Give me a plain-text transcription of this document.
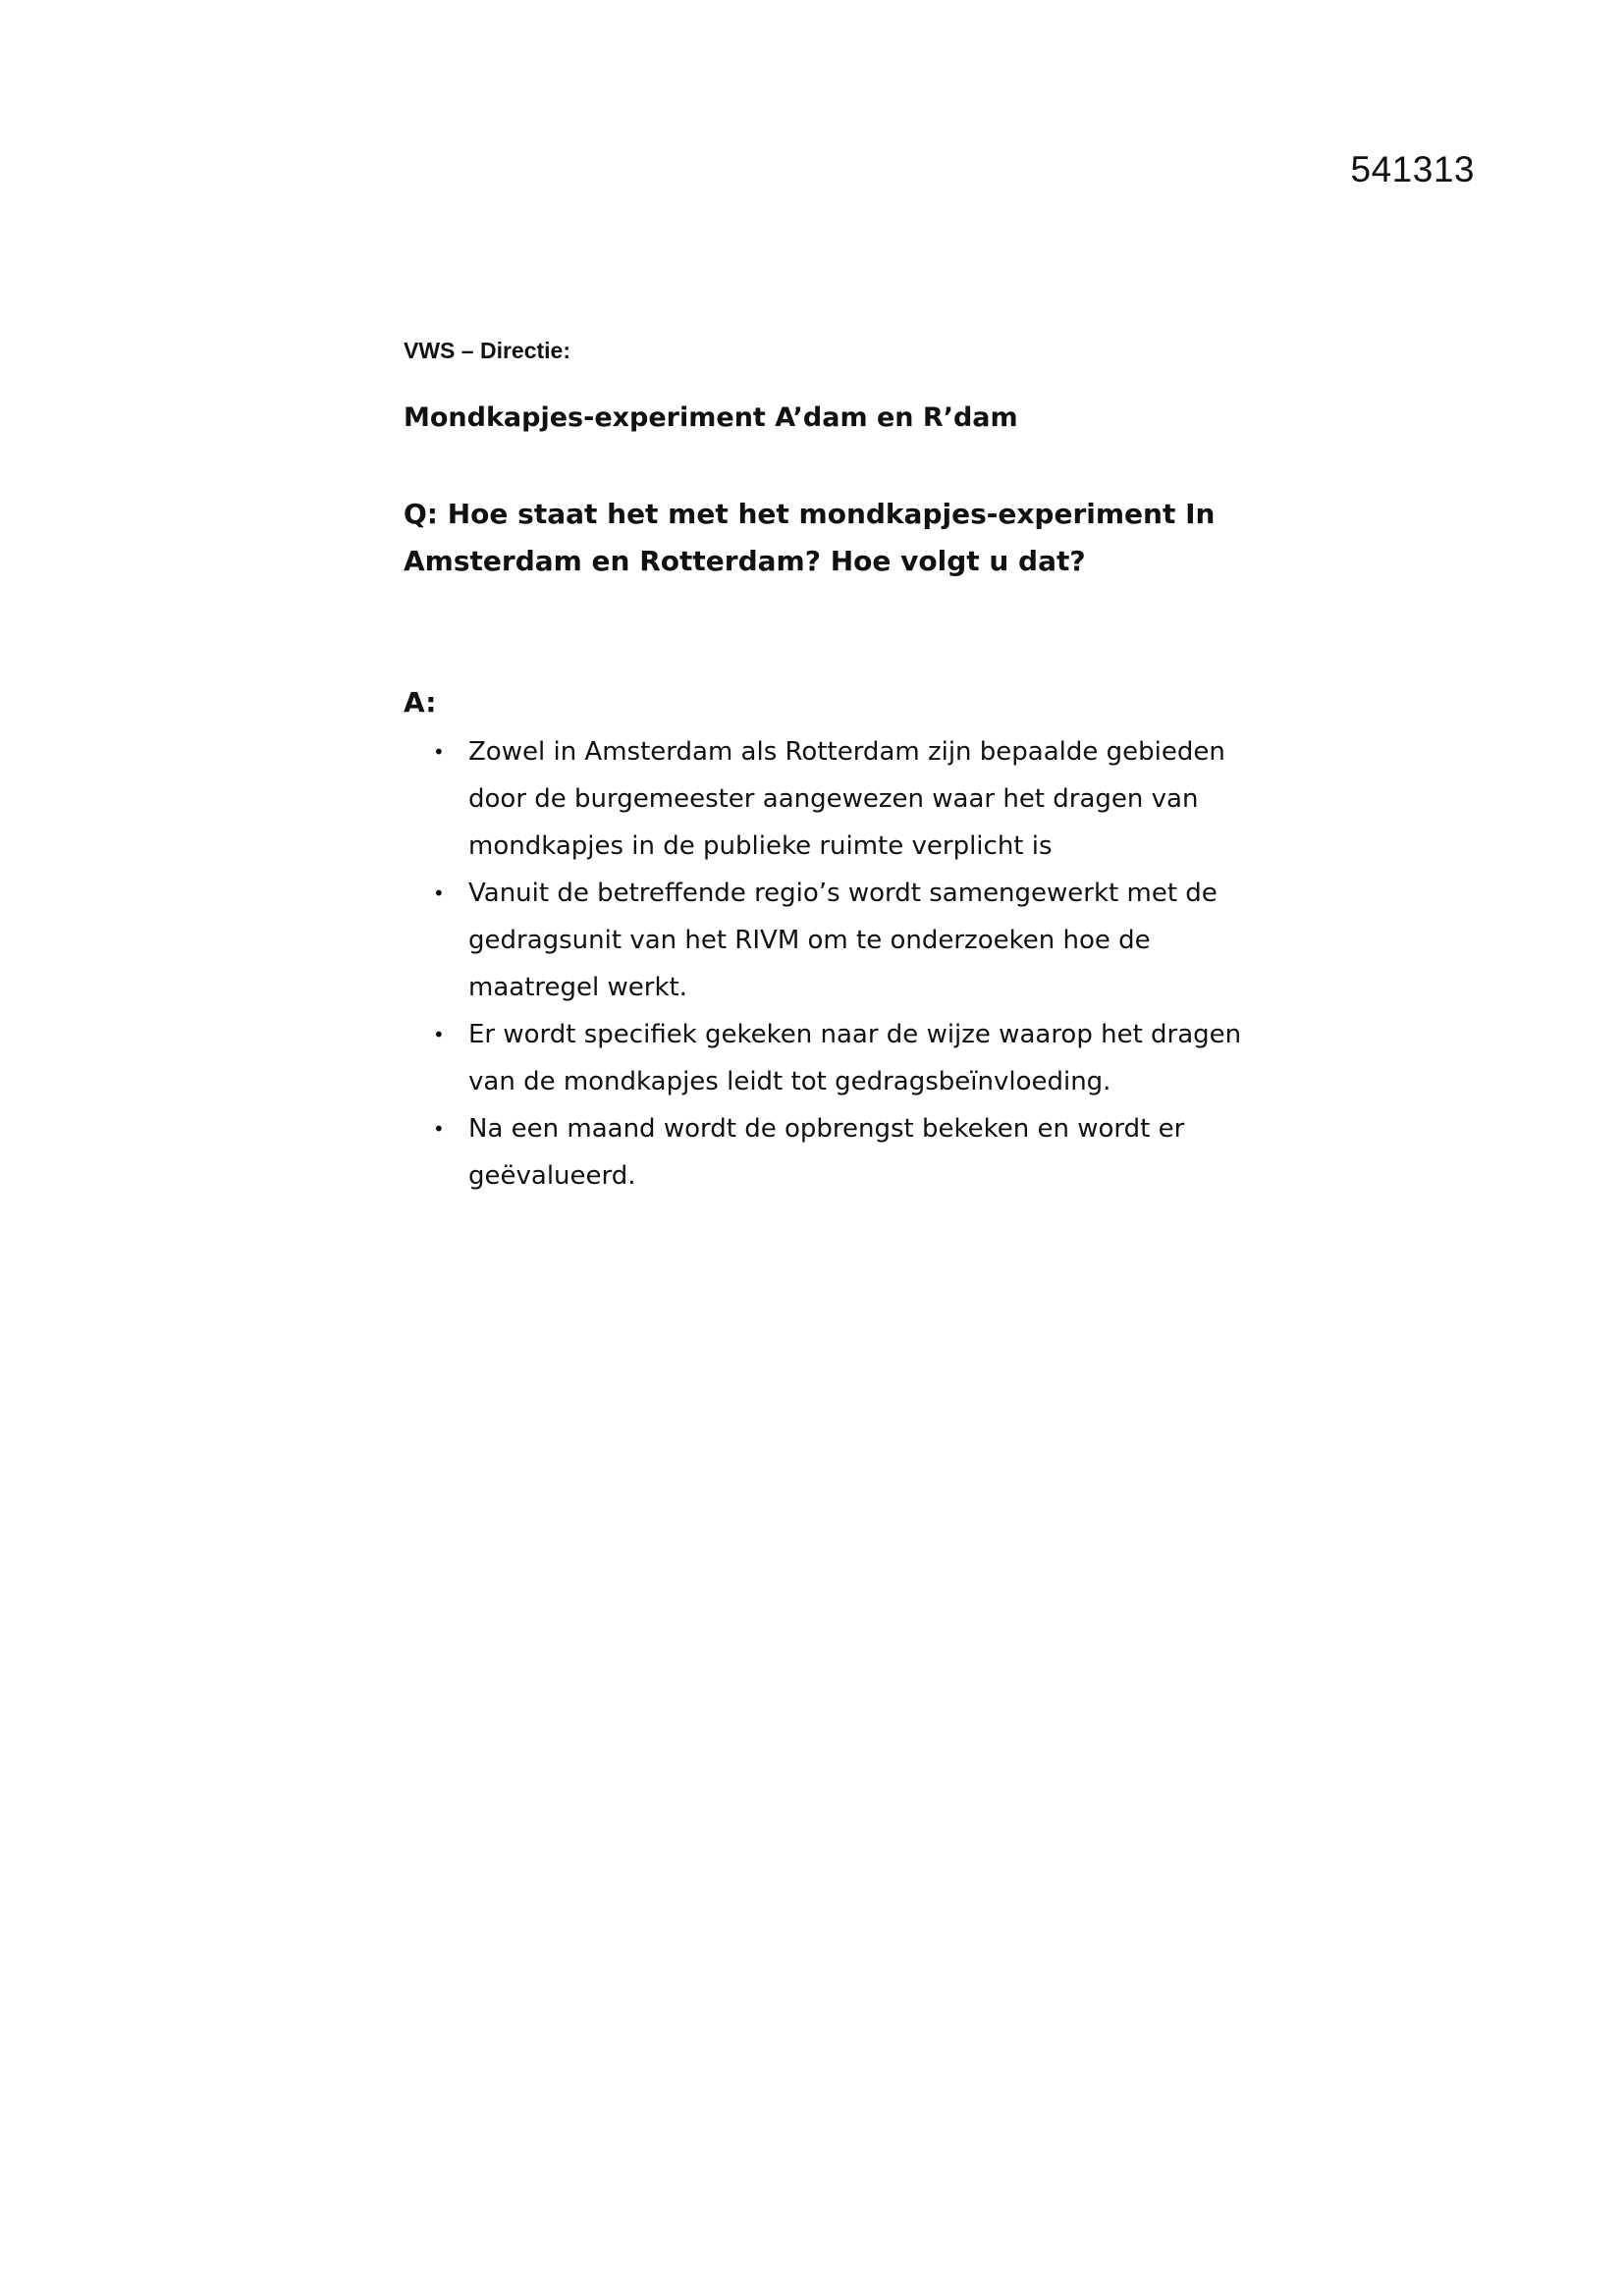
541313

VWS – Directie:

Mondkapjes-experiment A’dam en R’dam

Q: Hoe staat het met het mondkapjes-experiment In Amsterdam en Rotterdam? Hoe volgt u dat?

A:

• Zowel in Amsterdam als Rotterdam zijn bepaalde gebieden door de burgemeester aangewezen waar het dragen van mondkapjes in de publieke ruimte verplicht is
• Vanuit de betreffende regio’s wordt samengewerkt met de gedragsunit van het RIVM om te onderzoeken hoe de maatregel werkt.
• Er wordt specifiek gekeken naar de wijze waarop het dragen van de mondkapjes leidt tot gedragsbeïnvloeding.
• Na een maand wordt de opbrengst bekeken en wordt er geëvalueerd.
